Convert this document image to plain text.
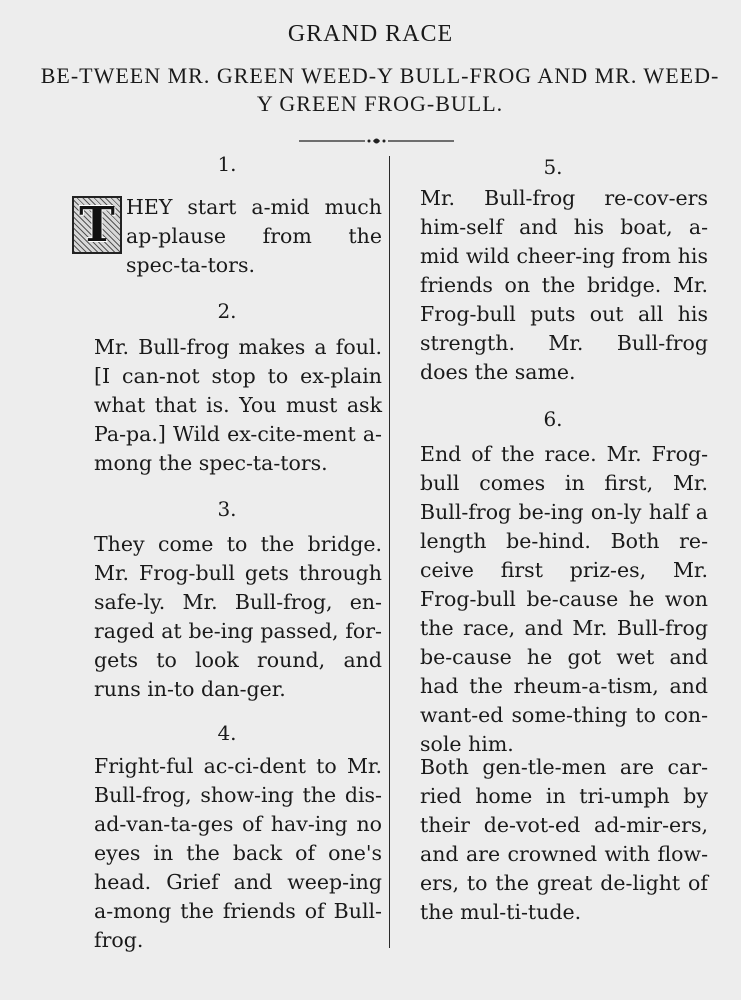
GRAND RACE
BE-TWEEN MR. GREEN WEED-Y BULL-FROG AND MR. WEED-Y GREEN FROG-BULL.
1.
T HEY start a-mid much ap-plause from the spec-ta-tors.
2.
Mr. Bull-frog makes a foul. [I can-not stop to ex-plain what that is. You must ask Pa-pa.] Wild ex-cite-ment a-mong the spec-ta-tors.
3.
They come to the bridge. Mr. Frog-bull gets through safe-ly. Mr. Bull-frog, en-raged at be-ing passed, for-gets to look round, and runs in-to dan-ger.
4.
Fright-ful ac-ci-dent to Mr. Bull-frog, show-ing the dis-ad-van-ta-ges of hav-ing no eyes in the back of one's head. Grief and weep-ing a-mong the friends of Bull-frog.
5.
Mr. Bull-frog re-cov-ers him-self and his boat, a-mid wild cheer-ing from his friends on the bridge. Mr. Frog-bull puts out all his strength. Mr. Bull-frog does the same.
6.
End of the race. Mr. Frog-bull comes in first, Mr. Bull-frog be-ing on-ly half a length be-hind. Both re-ceive first priz-es, Mr. Frog-bull be-cause he won the race, and Mr. Bull-frog be-cause he got wet and had the rheum-a-tism, and want-ed some-thing to con-sole him.
Both gen-tle-men are car-ried home in tri-umph by their de-vot-ed ad-mir-ers, and are crowned with flow-ers, to the great de-light of the mul-ti-tude.
